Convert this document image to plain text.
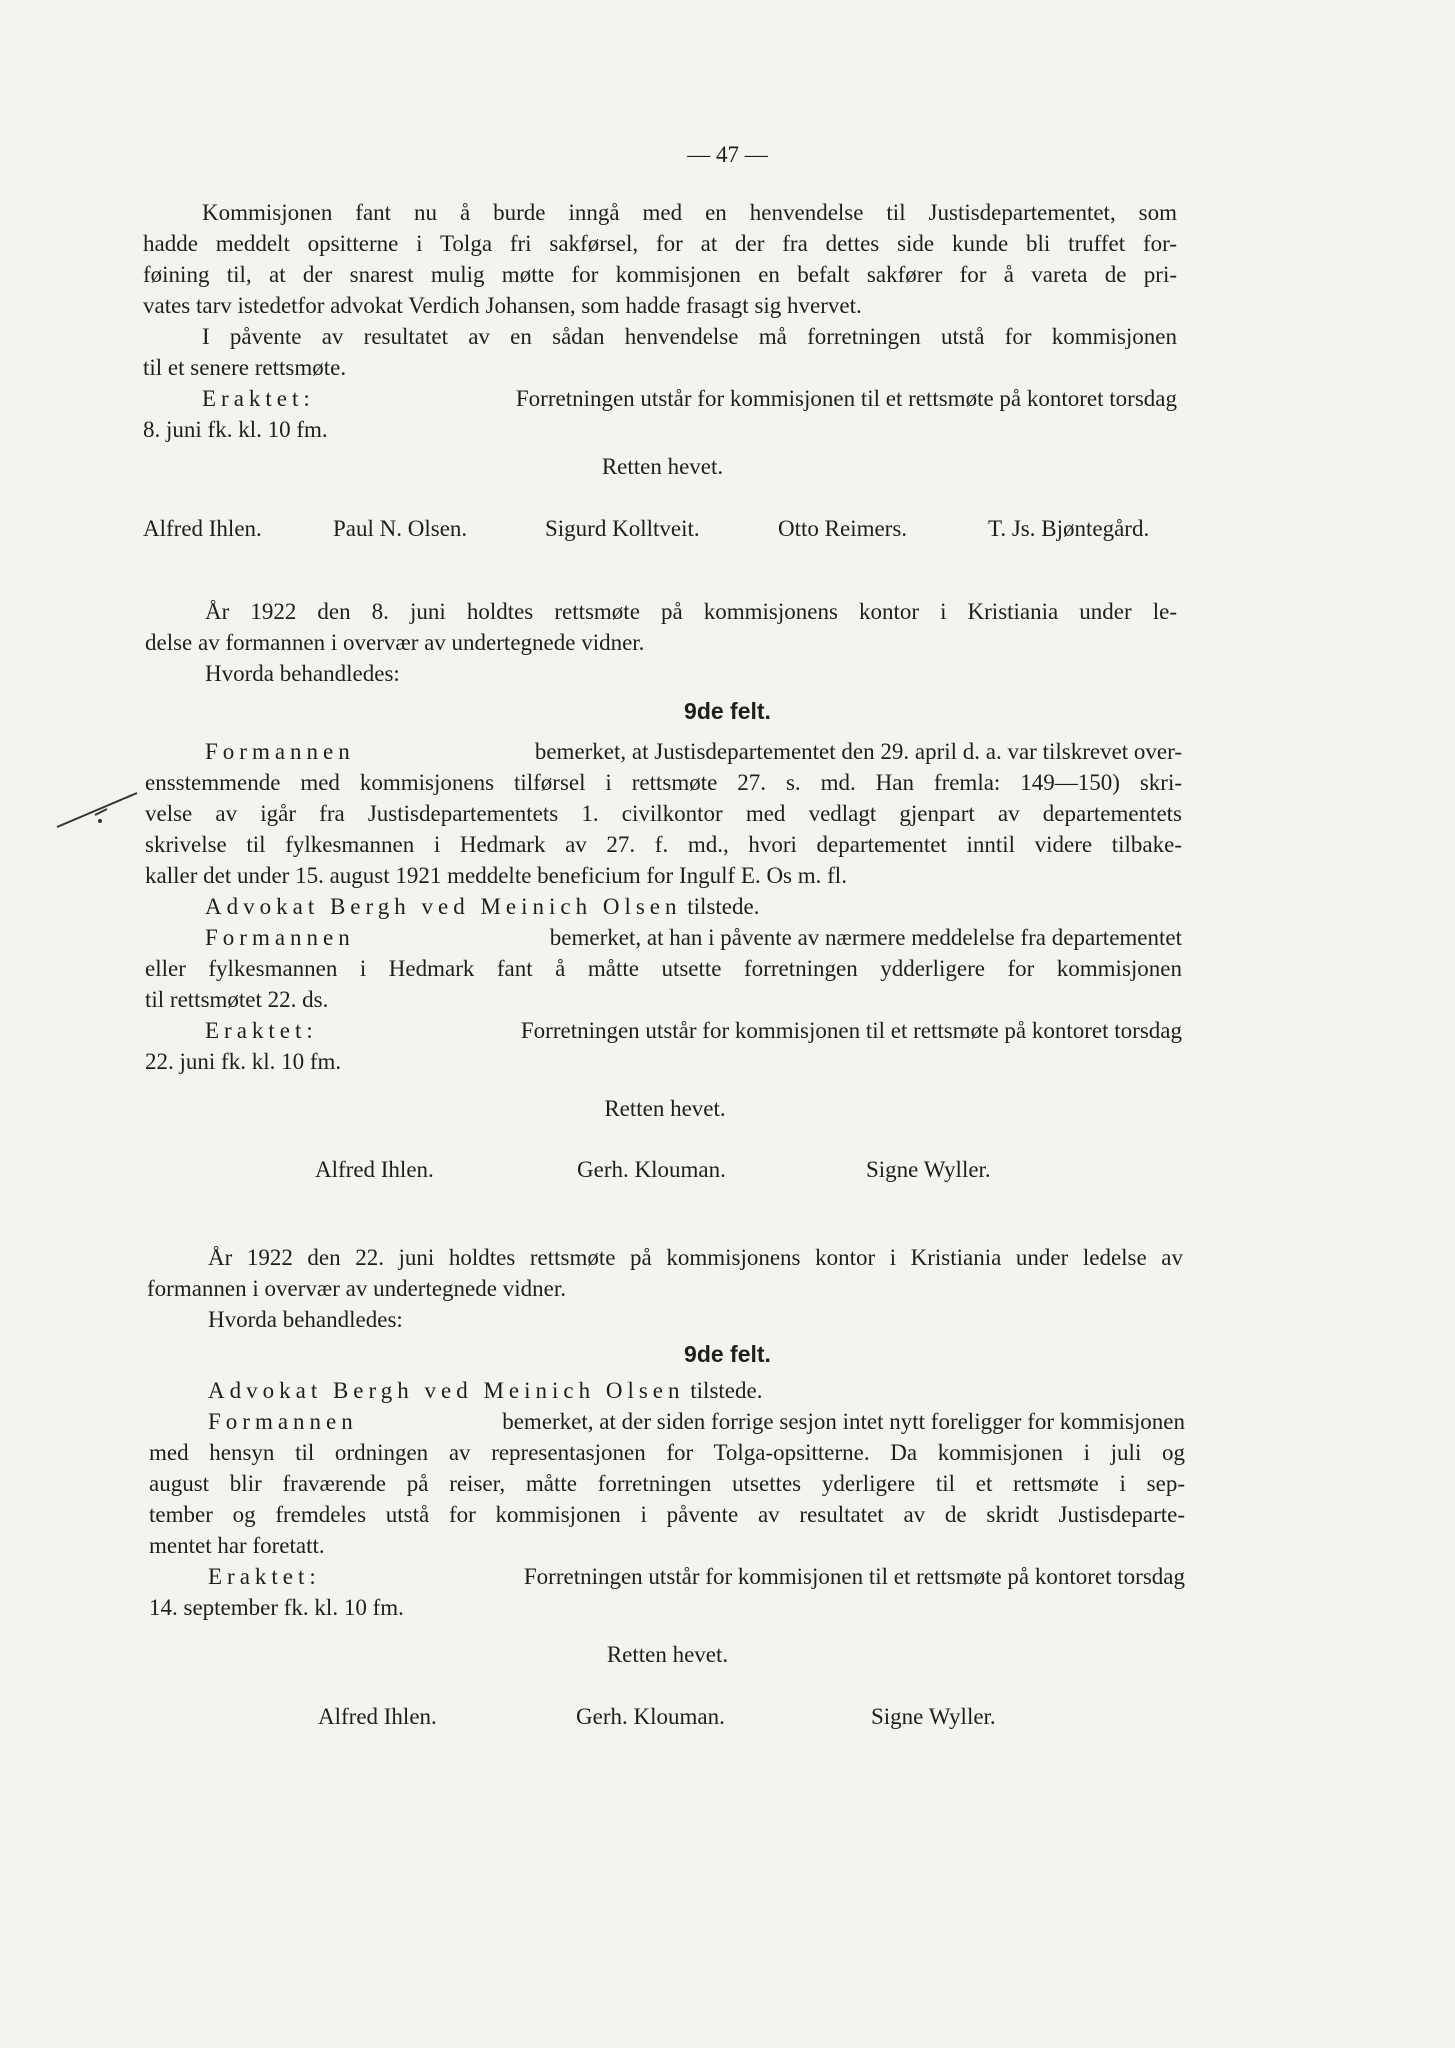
— 47 —

Kommisjonen fant nu å burde inngå med en henvendelse til Justisdepartementet, som

hadde meddelt opsitterne i Tolga fri sakførsel, for at der fra dettes side kunde bli truffet for-

føining til, at der snarest mulig møtte for kommisjonen en befalt sakfører for å vareta de pri-

vates tarv istedetfor advokat Verdich Johansen, som hadde frasagt sig hvervet.

I påvente av resultatet av en sådan henvendelse må forretningen utstå for kommisjonen

til et senere rettsmøte.

Eraktet:	Forretningen utstår for kommisjonen til et rettsmøte på kontoret torsdag

8. juni fk. kl. 10 fm.

Retten hevet.

Alfred Ihlen.	Paul N. Olsen.	Sigurd Kolltveit.	Otto Reimers.	T. Js. Bjøntegård.

År 1922 den 8. juni holdtes rettsmøte på kommisjonens kontor i Kristiania under le-

delse av formannen i overvær av undertegnede vidner.

Hvorda behandledes:

9de felt.

Formannen	bemerket, at Justisdepartementet den 29. april d. a. var tilskrevet over-

ensstemmende med kommisjonens tilførsel i rettsmøte 27. s. md. Han fremla: 149—150) skri-

velse av igår fra Justisdepartementets 1. civilkontor med vedlagt gjenpart av departementets

skrivelse til fylkesmannen i Hedmark av 27. f. md., hvori departementet inntil videre tilbake-

kaller det under 15. august 1921 meddelte beneficium for Ingulf E. Os m. fl.

Advokat Bergh ved Meinich Olsen tilstede.

Formannen	bemerket, at han i påvente av nærmere meddelelse fra departementet

eller fylkesmannen i Hedmark fant å måtte utsette forretningen ydderligere for kommisjonen

til rettsmøtet 22. ds.

Eraktet:	Forretningen utstår for kommisjonen til et rettsmøte på kontoret torsdag

22. juni fk. kl. 10 fm.

Retten hevet.

Alfred Ihlen.	Gerh. Klouman.	Signe Wyller.

År 1922 den 22. juni holdtes rettsmøte på kommisjonens kontor i Kristiania under ledelse av

formannen i overvær av undertegnede vidner.

Hvorda behandledes:

9de felt.

Advokat Bergh ved Meinich Olsen tilstede.

Formannen	bemerket, at der siden forrige sesjon intet nytt foreligger for kommisjonen

med hensyn til ordningen av representasjonen for Tolga-opsitterne. Da kommisjonen i juli og

august blir fraværende på reiser, måtte forretningen utsettes yderligere til et rettsmøte i sep-

tember og fremdeles utstå for kommisjonen i påvente av resultatet av de skridt Justisdeparte-

mentet har foretatt.

Eraktet:	Forretningen utstår for kommisjonen til et rettsmøte på kontoret torsdag

14. september fk. kl. 10 fm.

Retten hevet.

Alfred Ihlen.	Gerh. Klouman.	Signe Wyller.
